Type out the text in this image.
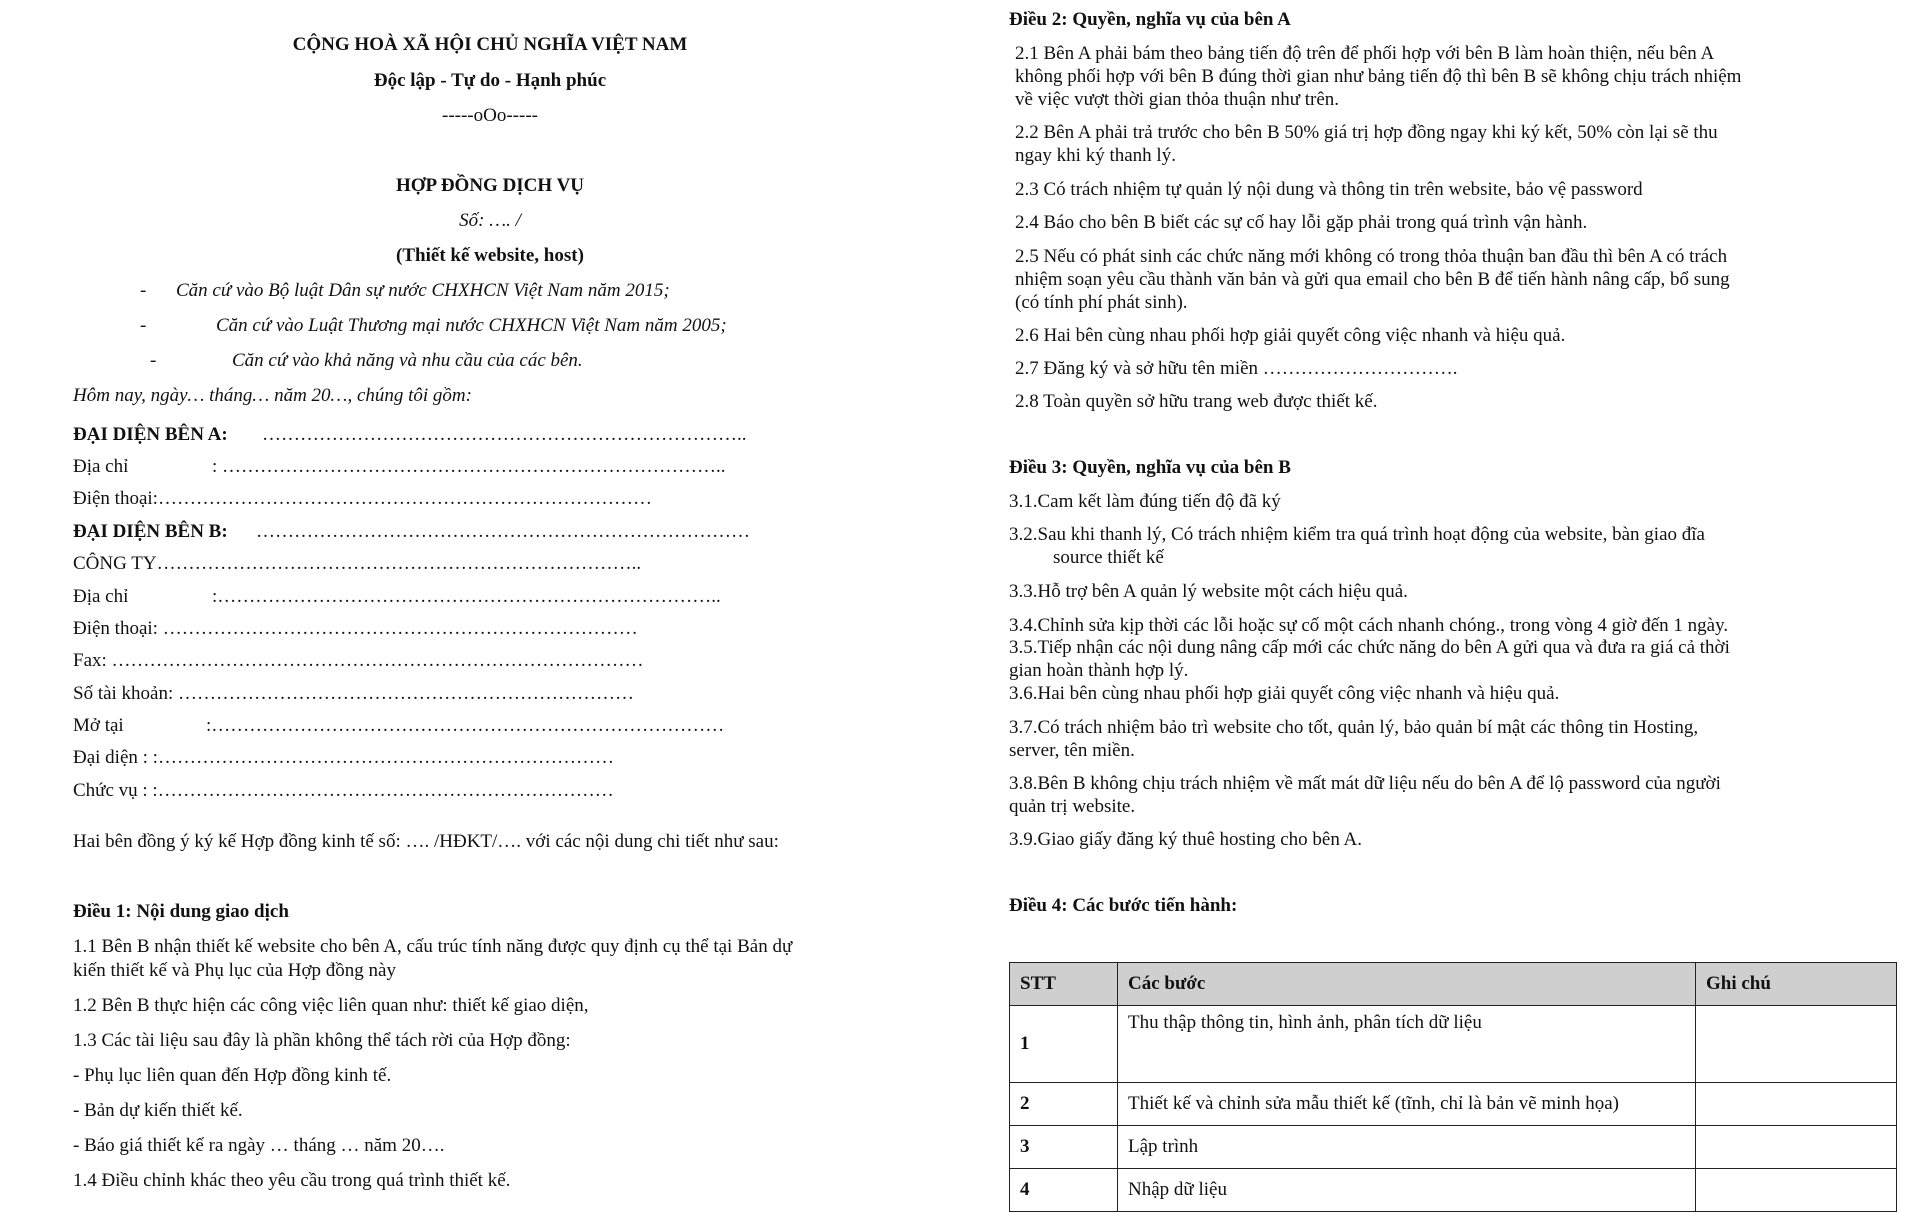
CỘNG HOÀ XÃ HỘI CHỦ NGHĨA VIỆT NAM
Độc lập - Tự do - Hạnh phúc
-----oOo-----
HỢP ĐỒNG DỊCH VỤ
Số: …. /
(Thiết kế website, host)
- Căn cứ vào Bộ luật Dân sự nước CHXHCN Việt Nam năm 2015;
-	Căn cứ vào Luật Thương mại nước CHXHCN Việt Nam năm 2005;
-	Căn cứ vào khả năng và nhu cầu của các bên.
Hôm nay, ngày… tháng… năm 20…, chúng tôi gồm:
ĐẠI DIỆN BÊN A: …………………………………………………………………..
Địa chỉ	: ……………………………………………………………………..
Điện thoại:……………………………………………………………………
ĐẠI DIỆN BÊN B: ……………………………………………………………………
CÔNG TY…………………………………………………………………..
Địa chỉ	:……………………………………………………………………..
Điện thoại: …………………………………………………………………
Fax: …………………………………………………………………………
Số tài khoản: ………………………………………………………………
Mở tại	:………………………………………………………………………
Đại diện : :………………………………………………………………
Chức vụ : :………………………………………………………………
Hai bên đồng ý ký kế Hợp đồng kinh tế số: …. /HĐKT/…. với các nội dung chi tiết như sau:
Điều 1: Nội dung giao dịch
1.1 Bên B nhận thiết kế website cho bên A, cấu trúc tính năng được quy định cụ thể tại Bản dự
kiến thiết kế và Phụ lục của Hợp đồng này
1.2 Bên B thực hiện các công việc liên quan như: thiết kế giao diện,
1.3 Các tài liệu sau đây là phần không thể tách rời của Hợp đồng:
- Phụ lục liên quan đến Hợp đồng kinh tế.
- Bản dự kiến thiết kế.
- Báo giá thiết kế ra ngày … tháng … năm 20….
1.4 Điều chỉnh khác theo yêu cầu trong quá trình thiết kế.
Điều 2: Quyền, nghĩa vụ của bên A
2.1 Bên A phải bám theo bảng tiến độ trên để phối hợp với bên B làm hoàn thiện, nếu bên A
không phối hợp với bên B đúng thời gian như bảng tiến độ thì bên B sẽ không chịu trách nhiệm
về việc vượt thời gian thỏa thuận như trên.
2.2 Bên A phải trả trước cho bên B 50% giá trị hợp đồng ngay khi ký kết, 50% còn lại sẽ thu
ngay khi ký thanh lý.
2.3 Có trách nhiệm tự quản lý nội dung và thông tin trên website, bảo vệ password
2.4 Báo cho bên B biết các sự cố hay lỗi gặp phải trong quá trình vận hành.
2.5 Nếu có phát sinh các chức năng mới không có trong thỏa thuận ban đầu thì bên A có trách
nhiệm soạn yêu cầu thành văn bản và gửi qua email cho bên B để tiến hành nâng cấp, bổ sung
(có tính phí phát sinh).
2.6 Hai bên cùng nhau phối hợp giải quyết công việc nhanh và hiệu quả.
2.7 Đăng ký và sở hữu tên miền ………………………….
2.8 Toàn quyền sở hữu trang web được thiết kế.
Điều 3: Quyền, nghĩa vụ của bên B
3.1.Cam kết làm đúng tiến độ đã ký
3.2.Sau khi thanh lý, Có trách nhiệm kiểm tra quá trình hoạt động của website, bàn giao đĩa
source thiết kế
3.3.Hỗ trợ bên A quản lý website một cách hiệu quả.
3.4.Chỉnh sửa kịp thời các lỗi hoặc sự cố một cách nhanh chóng., trong vòng 4 giờ đến 1 ngày.
3.5.Tiếp nhận các nội dung nâng cấp mới các chức năng do bên A gửi qua và đưa ra giá cả thời
gian hoàn thành hợp lý.
3.6.Hai bên cùng nhau phối hợp giải quyết công việc nhanh và hiệu quả.
3.7.Có trách nhiệm bảo trì website cho tốt, quản lý, bảo quản bí mật các thông tin Hosting,
server, tên miền.
3.8.Bên B không chịu trách nhiệm về mất mát dữ liệu nếu do bên A để lộ password của người
quản trị website.
3.9.Giao giấy đăng ký thuê hosting cho bên A.
Điều 4: Các bước tiến hành:
STT	Các bước	Ghi chú
1	Thu thập thông tin, hình ảnh, phân tích dữ liệu	
2	Thiết kế và chỉnh sửa mẫu thiết kế (tĩnh, chỉ là bản vẽ minh họa)	
3	Lập trình	
4	Nhập dữ liệu	
